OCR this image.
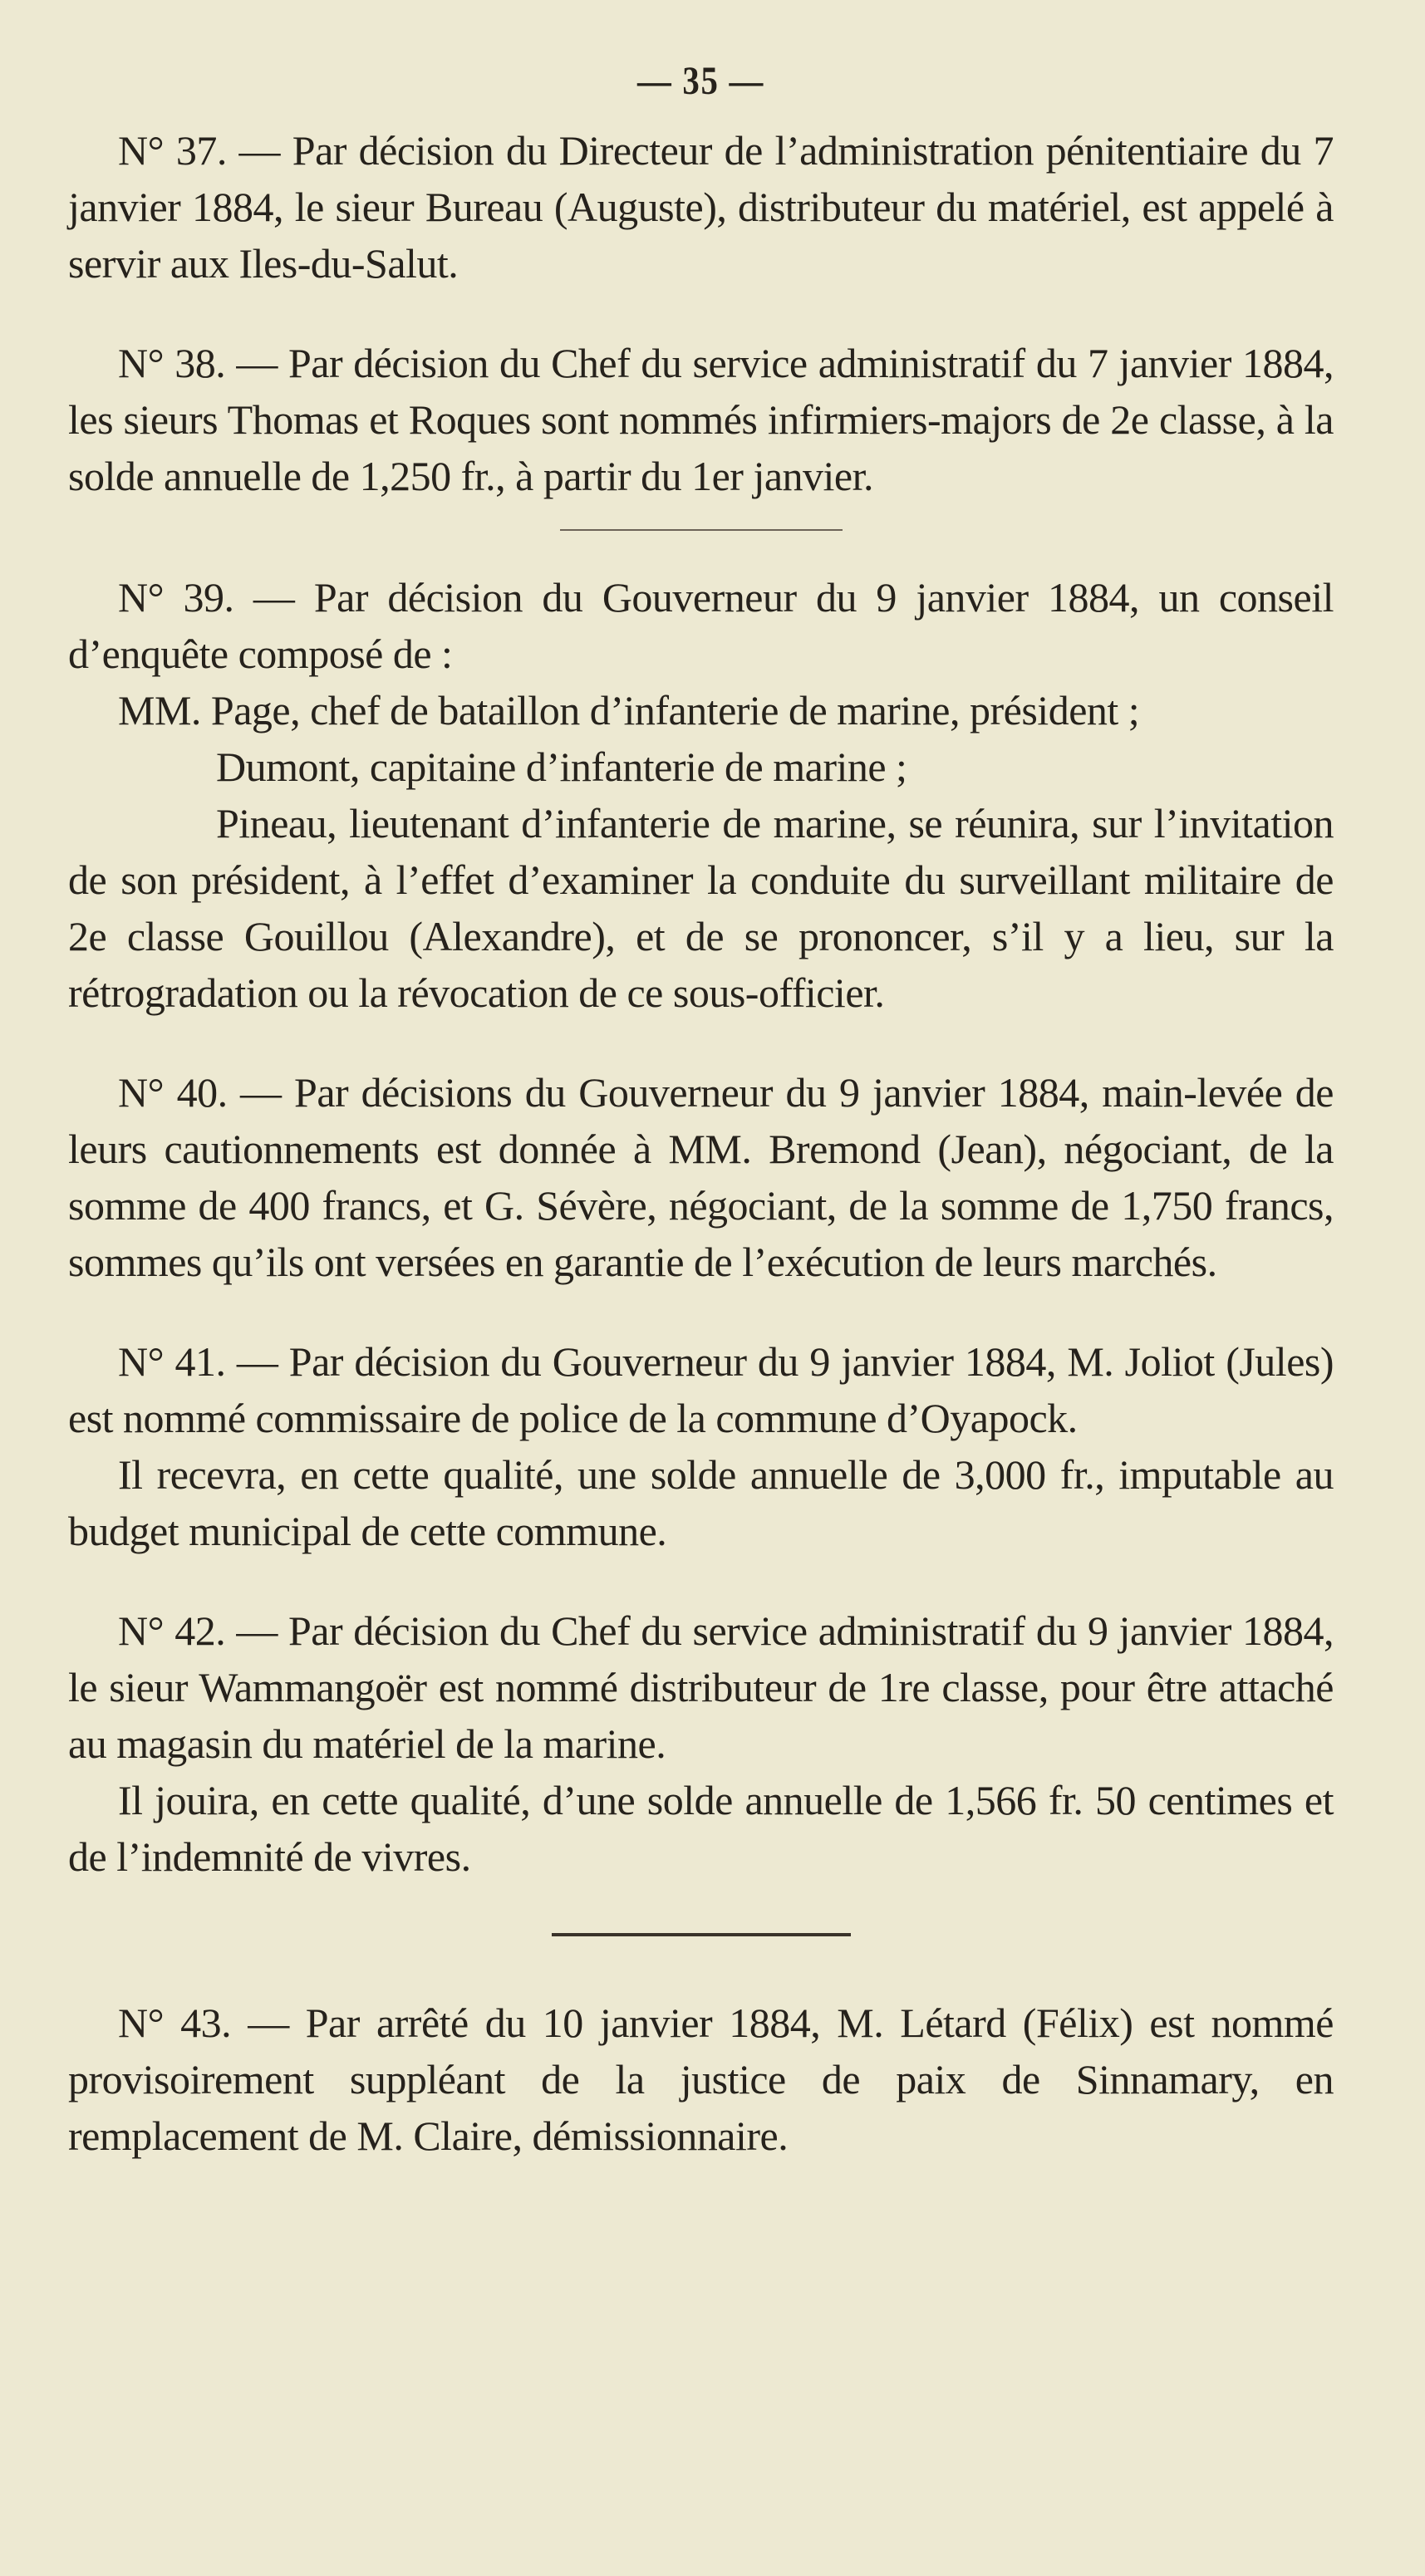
— 35 —

N° 37. — Par décision du Directeur de l’administration pénitentiaire du 7 janvier 1884, le sieur Bureau (Auguste), distributeur du matériel, est appelé à servir aux Iles-du-Salut.

N° 38. — Par décision du Chef du service administratif du 7 janvier 1884, les sieurs Thomas et Roques sont nommés infirmiers-majors de 2e classe, à la solde annuelle de 1,250 fr., à partir du 1er janvier.

N° 39. — Par décision du Gouverneur du 9 janvier 1884, un conseil d’enquête composé de :

MM. Page, chef de bataillon d’infanterie de marine, président ;

Dumont, capitaine d’infanterie de marine ;

Pineau, lieutenant d’infanterie de marine, se réunira, sur l’invitation de son président, à l’effet d’examiner la conduite du surveillant militaire de 2e classe Gouillou (Alexandre), et de se prononcer, s’il y a lieu, sur la rétrogradation ou la révocation de ce sous-officier.

N° 40. — Par décisions du Gouverneur du 9 janvier 1884, main-levée de leurs cautionnements est donnée à MM. Bremond (Jean), négociant, de la somme de 400 francs, et G. Sévère, négociant, de la somme de 1,750 francs, sommes qu’ils ont versées en garantie de l’exécution de leurs marchés.

N° 41. — Par décision du Gouverneur du 9 janvier 1884, M. Joliot (Jules) est nommé commissaire de police de la commune d’Oyapock.

Il recevra, en cette qualité, une solde annuelle de 3,000 fr., imputable au budget municipal de cette commune.

N° 42. — Par décision du Chef du service administratif du 9 janvier 1884, le sieur Wammangoër est nommé distributeur de 1re classe, pour être attaché au magasin du matériel de la marine.

Il jouira, en cette qualité, d’une solde annuelle de 1,566 fr. 50 centimes et de l’indemnité de vivres.

N° 43. — Par arrêté du 10 janvier 1884, M. Létard (Félix) est nommé provisoirement suppléant de la justice de paix de Sinnamary, en remplacement de M. Claire, démissionnaire.
